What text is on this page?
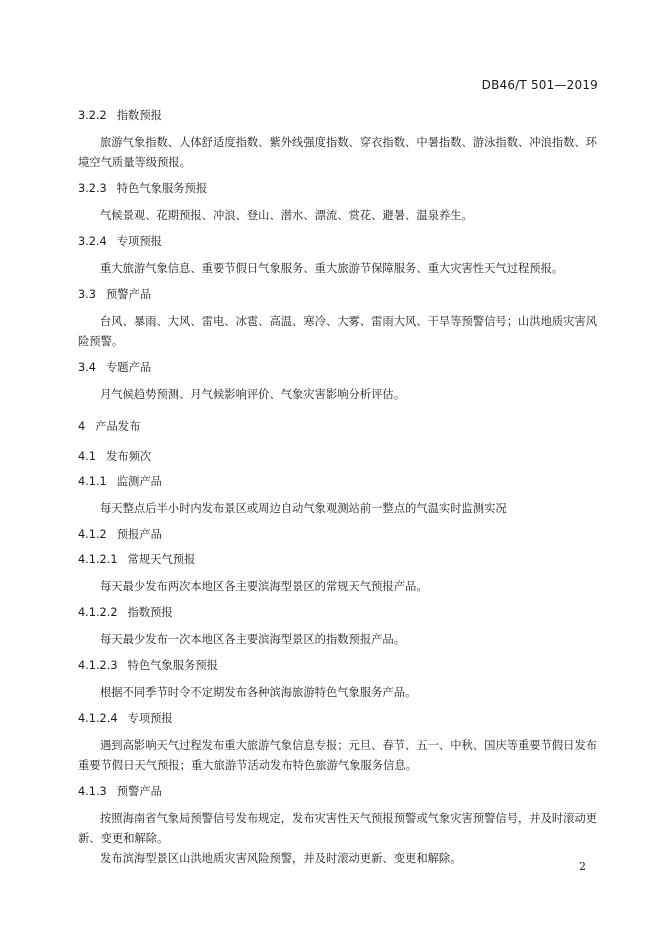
DB46/T 501—2019
3.2.2 指数预报

旅游气象指数、人体舒适度指数、紫外线强度指数、穿衣指数、中暑指数、游泳指数、冲浪指数、环境空气质量等级预报。

3.2.3 特色气象服务预报

气候景观、花期预报、冲浪、登山、潜水、漂流、赏花、避暑、温泉养生。

3.2.4 专项预报

重大旅游气象信息、重要节假日气象服务、重大旅游节保障服务、重大灾害性天气过程预报。

3.3 预警产品

台风、暴雨、大风、雷电、冰雹、高温、寒冷、大雾、雷雨大风、干旱等预警信号；山洪地质灾害风险预警。

3.4 专题产品

月气候趋势预测、月气候影响评价、气象灾害影响分析评估。

4 产品发布
4.1 发布频次
4.1.1 监测产品

每天整点后半小时内发布景区或周边自动气象观测站前一整点的气温实时监测实况

4.1.2 预报产品
4.1.2.1 常规天气预报

每天最少发布两次本地区各主要滨海型景区的常规天气预报产品。

4.1.2.2 指数预报

每天最少发布一次本地区各主要滨海型景区的指数预报产品。

4.1.2.3 特色气象服务预报

根据不同季节时令不定期发布各种滨海旅游特色气象服务产品。

4.1.2.4 专项预报

遇到高影响天气过程发布重大旅游气象信息专报；元旦、春节、五一、中秋、国庆等重要节假日发布重要节假日天气预报；重大旅游节活动发布特色旅游气象服务信息。

4.1.3 预警产品

按照海南省气象局预警信号发布规定，发布灾害性天气预报预警或气象灾害预警信号，并及时滚动更新、变更和解除。

发布滨海型景区山洪地质灾害风险预警，并及时滚动更新、变更和解除。

2
